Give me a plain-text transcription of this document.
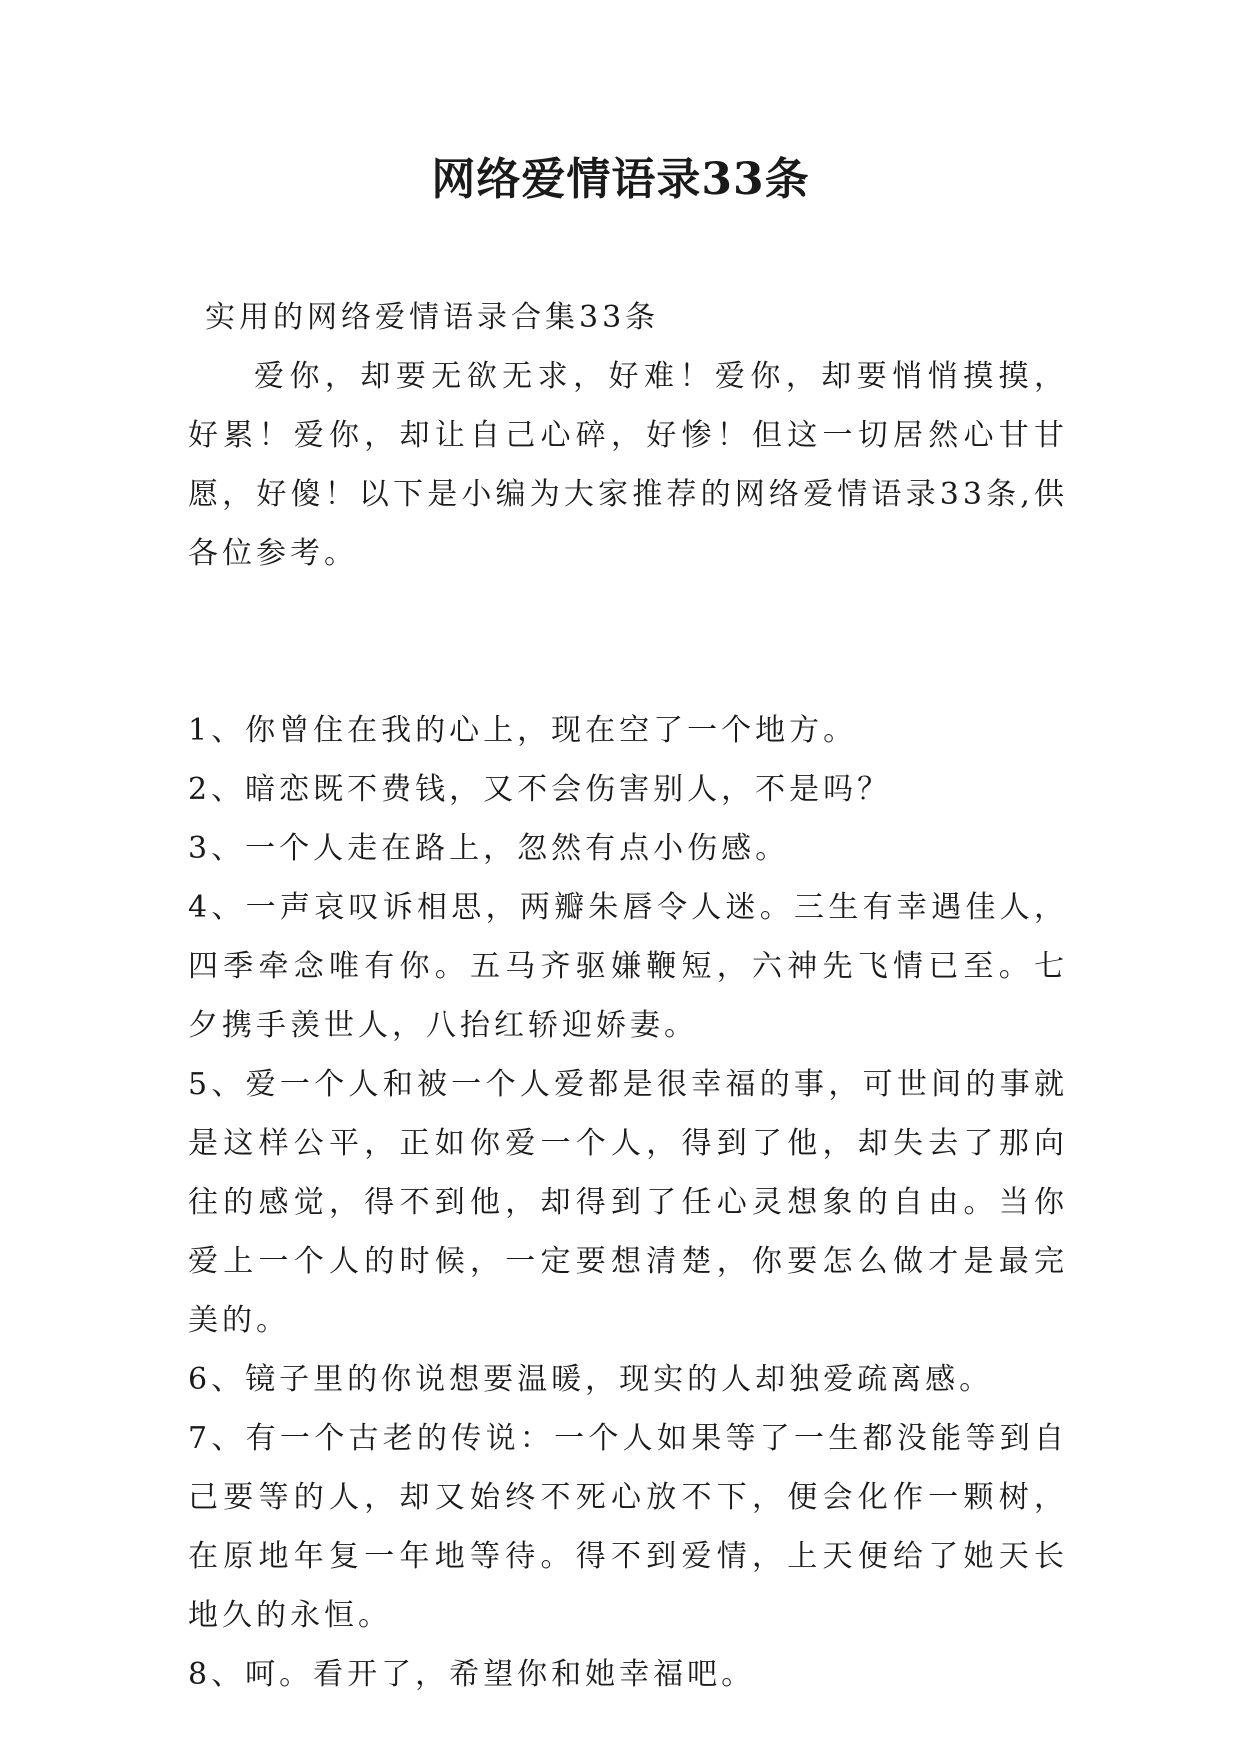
网络爱情语录33条

实用的网络爱情语录合集33条

爱你，却要无欲无求，好难！爱你，却要悄悄摸摸，好累！爱你，却让自己心碎，好惨！但这一切居然心甘甘愿，好傻！以下是小编为大家推荐的网络爱情语录33条,供各位参考。

1、你曾住在我的心上，现在空了一个地方。

2、暗恋既不费钱，又不会伤害别人，不是吗？

3、一个人走在路上，忽然有点小伤感。

4、一声哀叹诉相思，两瓣朱唇令人迷。三生有幸遇佳人，四季牵念唯有你。五马齐驱嫌鞭短，六神先飞情已至。七夕携手羡世人，八抬红轿迎娇妻。

5、爱一个人和被一个人爱都是很幸福的事，可世间的事就是这样公平，正如你爱一个人，得到了他，却失去了那向往的感觉，得不到他，却得到了任心灵想象的自由。当你爱上一个人的时候，一定要想清楚，你要怎么做才是最完美的。

6、镜子里的你说想要温暖，现实的人却独爱疏离感。

7、有一个古老的传说：一个人如果等了一生都没能等到自己要等的人，却又始终不死心放不下，便会化作一颗树，在原地年复一年地等待。得不到爱情，上天便给了她天长地久的永恒。

8、呵。看开了，希望你和她幸福吧。
